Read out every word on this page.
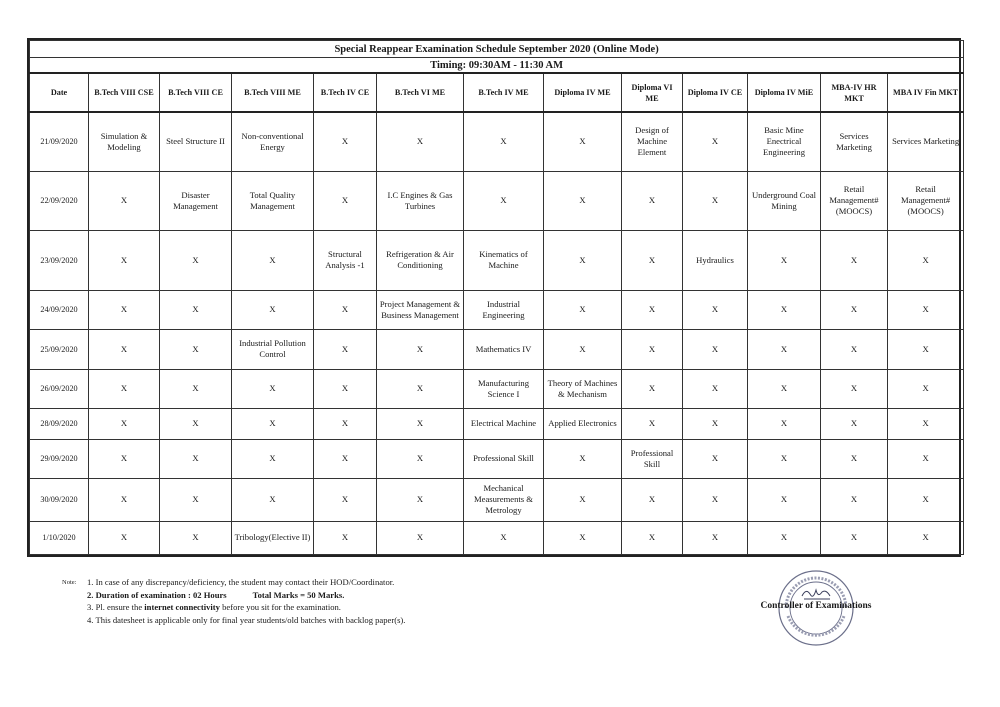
Special Reappear Examination Schedule September 2020 (Online Mode)												
Timing: 09:30AM - 11:30 AM												
Date	B.Tech VIII CSE	B.Tech VIII CE	B.Tech VIII ME	B.Tech IV CE	B.Tech VI ME	B.Tech IV ME	Diploma IV ME	Diploma VI ME	Diploma IV CE	Diploma IV MiE	MBA-IV HR MKT	MBA IV Fin MKT
21/09/2020	Simulation & Modeling	Steel Structure II	Non-conventional Energy	X	X	X	X	Design of Machine Element	X	Basic Mine Enectrical Engineering	Services Marketing	Services Marketing
22/09/2020	X	Disaster Management	Total Quality Management	X	I.C Engines & Gas Turbines	X	X	X	X	Underground Coal Mining	Retail Management#(MOOCS)	Retail Management#(MOOCS)
23/09/2020	X	X	X	Structural Analysis -1	Refrigeration & Air Conditioning	Kinematics of Machine	X	X	Hydraulics	X	X	X
24/09/2020	X	X	X	X	Project Management & Business Management	Industrial Engineering	X	X	X	X	X	X
25/09/2020	X	X	Industrial Pollution Control	X	X	Mathematics IV	X	X	X	X	X	X
26/09/2020	X	X	X	X	X	Manufacturing Science I	Theory of Machines & Mechanism	X	X	X	X	X
28/09/2020	X	X	X	X	X	Electrical Machine	Applied Electronics	X	X	X	X	X
29/09/2020	X	X	X	X	X	Professional Skill	X	Professional Skill	X	X	X	X
30/09/2020	X	X	X	X	X	Mechanical Measurements & Metrology	X	X	X	X	X	X
1/10/2020	X	X	Tribology(Elective II)	X	X	X	X	X	X	X	X	X
Note: 1. In case of any discrepancy/deficiency, the student may contact their HOD/Coordinator.
2. Duration of examination : 02 Hours	Total Marks = 50 Marks.
3. Pl. ensure the internet connectivity before you sit for the examination.
4. This datesheet is applicable only for final year students/old batches with backlog paper(s).
Controller of Examinations
